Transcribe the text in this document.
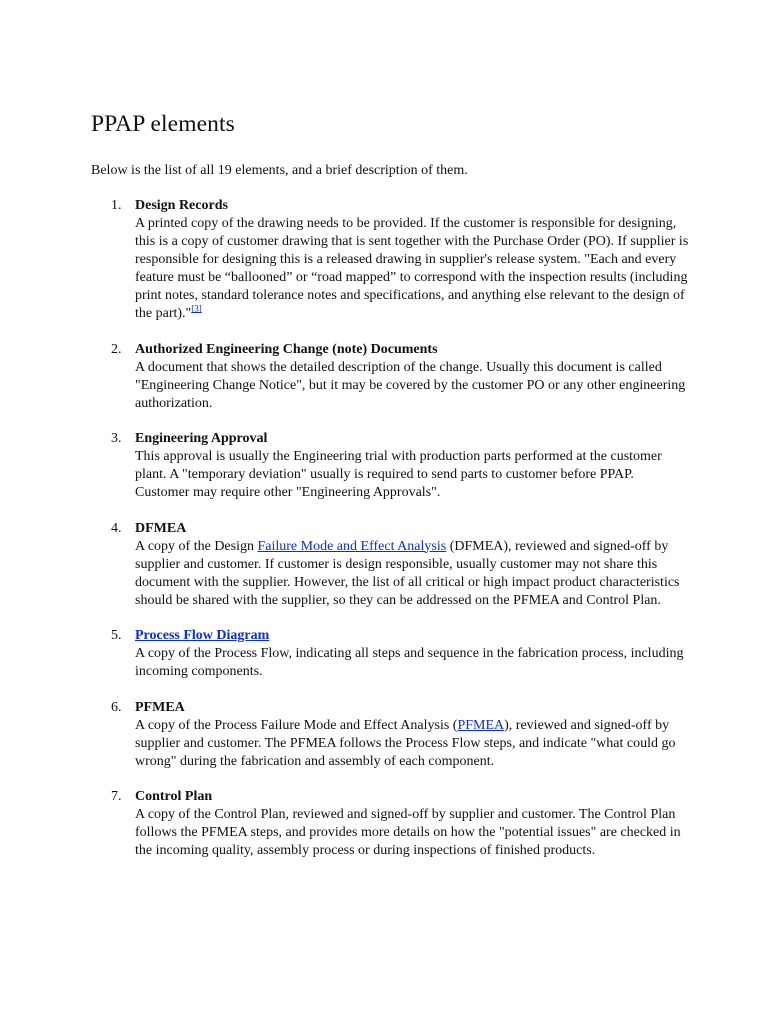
PPAP elements

Below is the list of all 19 elements, and a brief description of them.

1. Design Records
A printed copy of the drawing needs to be provided. If the customer is responsible for designing, this is a copy of customer drawing that is sent together with the Purchase Order (PO). If supplier is responsible for designing this is a released drawing in supplier's release system. "Each and every feature must be “ballooned” or “road mapped” to correspond with the inspection results (including print notes, standard tolerance notes and specifications, and anything else relevant to the design of the part)."[3]
2. Authorized Engineering Change (note) Documents
A document that shows the detailed description of the change. Usually this document is called "Engineering Change Notice", but it may be covered by the customer PO or any other engineering authorization.
3. Engineering Approval
This approval is usually the Engineering trial with production parts performed at the customer plant. A "temporary deviation" usually is required to send parts to customer before PPAP. Customer may require other "Engineering Approvals".
4. DFMEA
A copy of the Design Failure Mode and Effect Analysis (DFMEA), reviewed and signed-off by supplier and customer. If customer is design responsible, usually customer may not share this document with the supplier. However, the list of all critical or high impact product characteristics should be shared with the supplier, so they can be addressed on the PFMEA and Control Plan.
5. Process Flow Diagram
A copy of the Process Flow, indicating all steps and sequence in the fabrication process, including incoming components.
6. PFMEA
A copy of the Process Failure Mode and Effect Analysis (PFMEA), reviewed and signed-off by supplier and customer. The PFMEA follows the Process Flow steps, and indicate "what could go wrong" during the fabrication and assembly of each component.
7. Control Plan
A copy of the Control Plan, reviewed and signed-off by supplier and customer. The Control Plan follows the PFMEA steps, and provides more details on how the "potential issues" are checked in the incoming quality, assembly process or during inspections of finished products.
